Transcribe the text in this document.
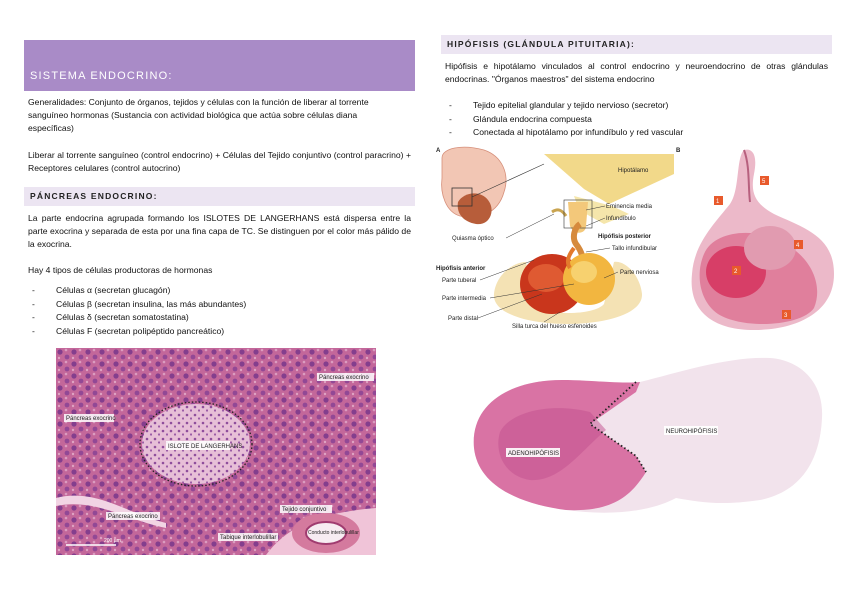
SISTEMA ENDOCRINO:

Generalidades: Conjunto de órganos, tejidos y células con la función de liberar al torrente sanguíneo hormonas (Sustancia con actividad biológica que actúa sobre células diana específicas)

Liberar al torrente sanguíneo (control endocrino) + Células del Tejido conjuntivo (control paracrino) + Receptores celulares (control autocrino)

PÁNCREAS ENDOCRINO:

La parte endocrina agrupada formando los ISLOTES DE LANGERHANS está dispersa entre la parte exocrina y separada de esta por una fina capa de TC. Se distinguen por el color más pálido de la exocrina.

Hay 4 tipos de células productoras de hormonas

- Células α (secretan glucagón)
- Células β (secretan insulina, las más abundantes)
- Células δ (secretan somatostatina)
- Células F (secretan polipéptido pancreático)
Páncreas exocrino
Páncreas exocrino
Páncreas exocrino
ISLOTE DE LANGERHANS
Tejido conjuntivo
Conducto interlobulillar
Tabique interlobulillar
200 µm
HIPÓFISIS (GLÁNDULA PITUITARIA):

Hipófisis e hipotálamo vinculados al control endocrino y neuroendocrino de otras glándulas endocrinas. "Órganos maestros" del sistema endocrino

- Tejido epitelial glandular y tejido nervioso (secretor)
- Glándula endocrina compuesta
- Conectada al hipotálamo por infundíbulo y red vascular
A
Hipotálamo
Quiasma óptico
Eminencia media
Infundíbulo
Hipófisis posterior
Tallo infundibular
Parte nerviosa
Hipófisis anterior
Parte tuberal
Parte intermedia
Parte distal
Silla turca del hueso esfenoides
B
1
2
3
4
5
ADENOHIPÓFISIS
NEUROHIPÓFISIS
